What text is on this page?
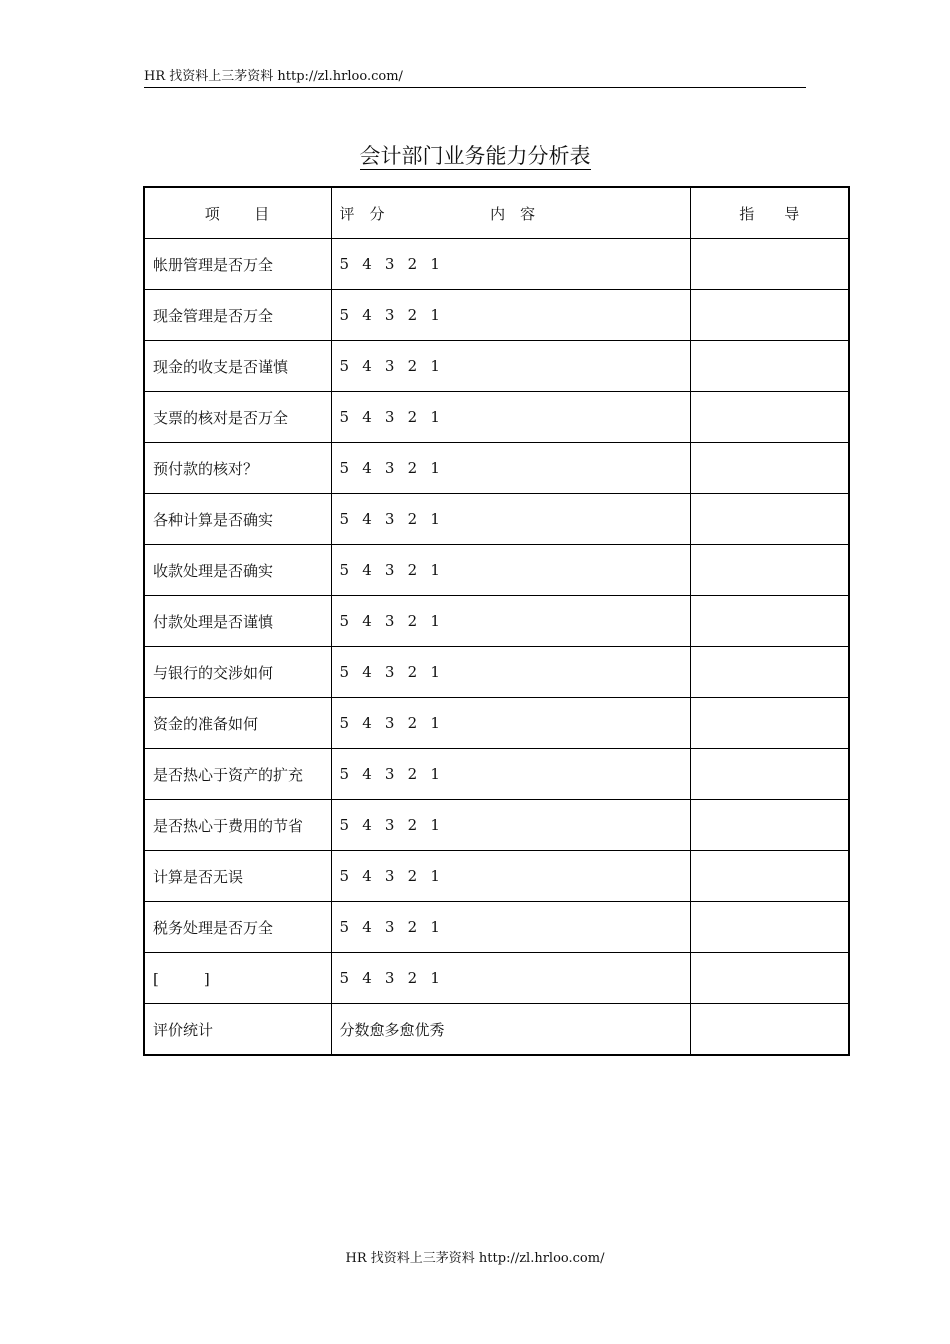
HR 找资料上三茅资料 http://zl.hrloo.com/
会计部门业务能力分析表
项　　目	评　分 内　容	指　　导
帐册管理是否万全	5 4 3 2 1	
现金管理是否万全	5 4 3 2 1	
现金的收支是否谨慎	5 4 3 2 1	
支票的核对是否万全	5 4 3 2 1	
预付款的核对？	5 4 3 2 1	
各种计算是否确实	5 4 3 2 1	
收款处理是否确实	5 4 3 2 1	
付款处理是否谨慎	5 4 3 2 1	
与银行的交涉如何	5 4 3 2 1	
资金的准备如何	5 4 3 2 1	
是否热心于资产的扩充	5 4 3 2 1	
是否热心于费用的节省	5 4 3 2 1	
计算是否无误	5 4 3 2 1	
税务处理是否万全	5 4 3 2 1	
[　　　]	5 4 3 2 1	
评价统计	分数愈多愈优秀	
HR 找资料上三茅资料 http://zl.hrloo.com/
